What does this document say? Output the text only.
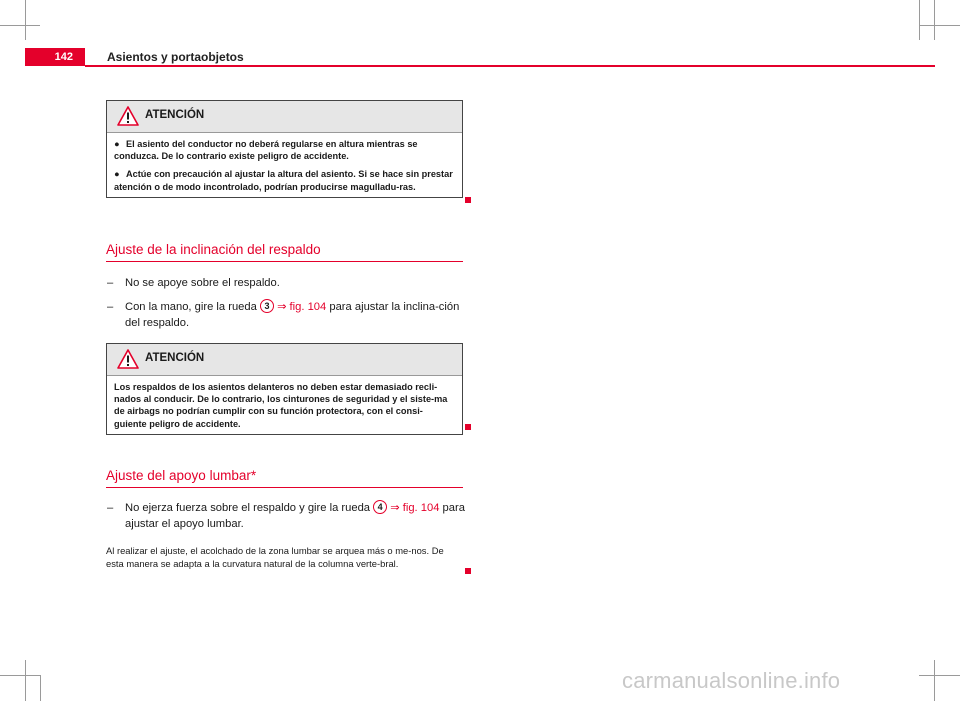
142	Asientos y portaobjetos
ATENCIÓN

● El asiento del conductor no deberá regularse en altura mientras se conduzca. De lo contrario existe peligro de accidente.

● Actúe con precaución al ajustar la altura del asiento. Si se hace sin prestar atención o de modo incontrolado, podrían producirse magulladu-ras.

Ajuste de la inclinación del respaldo
– No se apoye sobre el respaldo.
– Con la mano, gire la rueda 3 ⇒ fig. 104 para ajustar la inclina-ción del respaldo.
ATENCIÓN

Los respaldos de los asientos delanteros no deben estar demasiado recli-nados al conducir. De lo contrario, los cinturones de seguridad y el siste-ma de airbags no podrían cumplir con su función protectora, con el consi-guiente peligro de accidente.

Ajuste del apoyo lumbar*
– No ejerza fuerza sobre el respaldo y gire la rueda 4 ⇒ fig. 104 para ajustar el apoyo lumbar.
Al realizar el ajuste, el acolchado de la zona lumbar se arquea más o me-nos. De esta manera se adapta a la curvatura natural de la columna verte-bral.
carmanualsonline.info
